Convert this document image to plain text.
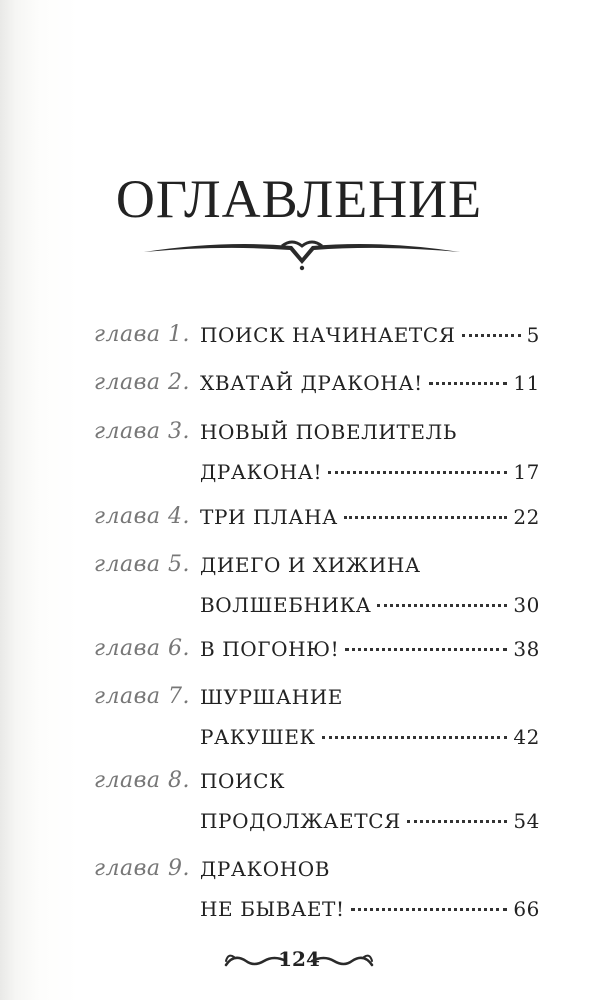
ОГЛАВЛЕНИЕ
глава 1. ПОИСК НАЧИНАЕТСЯ	5
глава 2. ХВАТАЙ ДРАКОНА!	11
глава 3. НОВЫЙ ПОВЕЛИТЕЛЬ
ДРАКОНА!	17
глава 4. ТРИ ПЛАНА	22
глава 5. ДИЕГО И ХИЖИНА
ВОЛШЕБНИКА	30
глава 6. В ПОГОНЮ!	38
глава 7. ШУРШАНИЕ
РАКУШЕК	42
глава 8. ПОИСК
ПРОДОЛЖАЕТСЯ	54
глава 9. ДРАКОНОВ
НЕ БЫВАЕТ!	66
124
